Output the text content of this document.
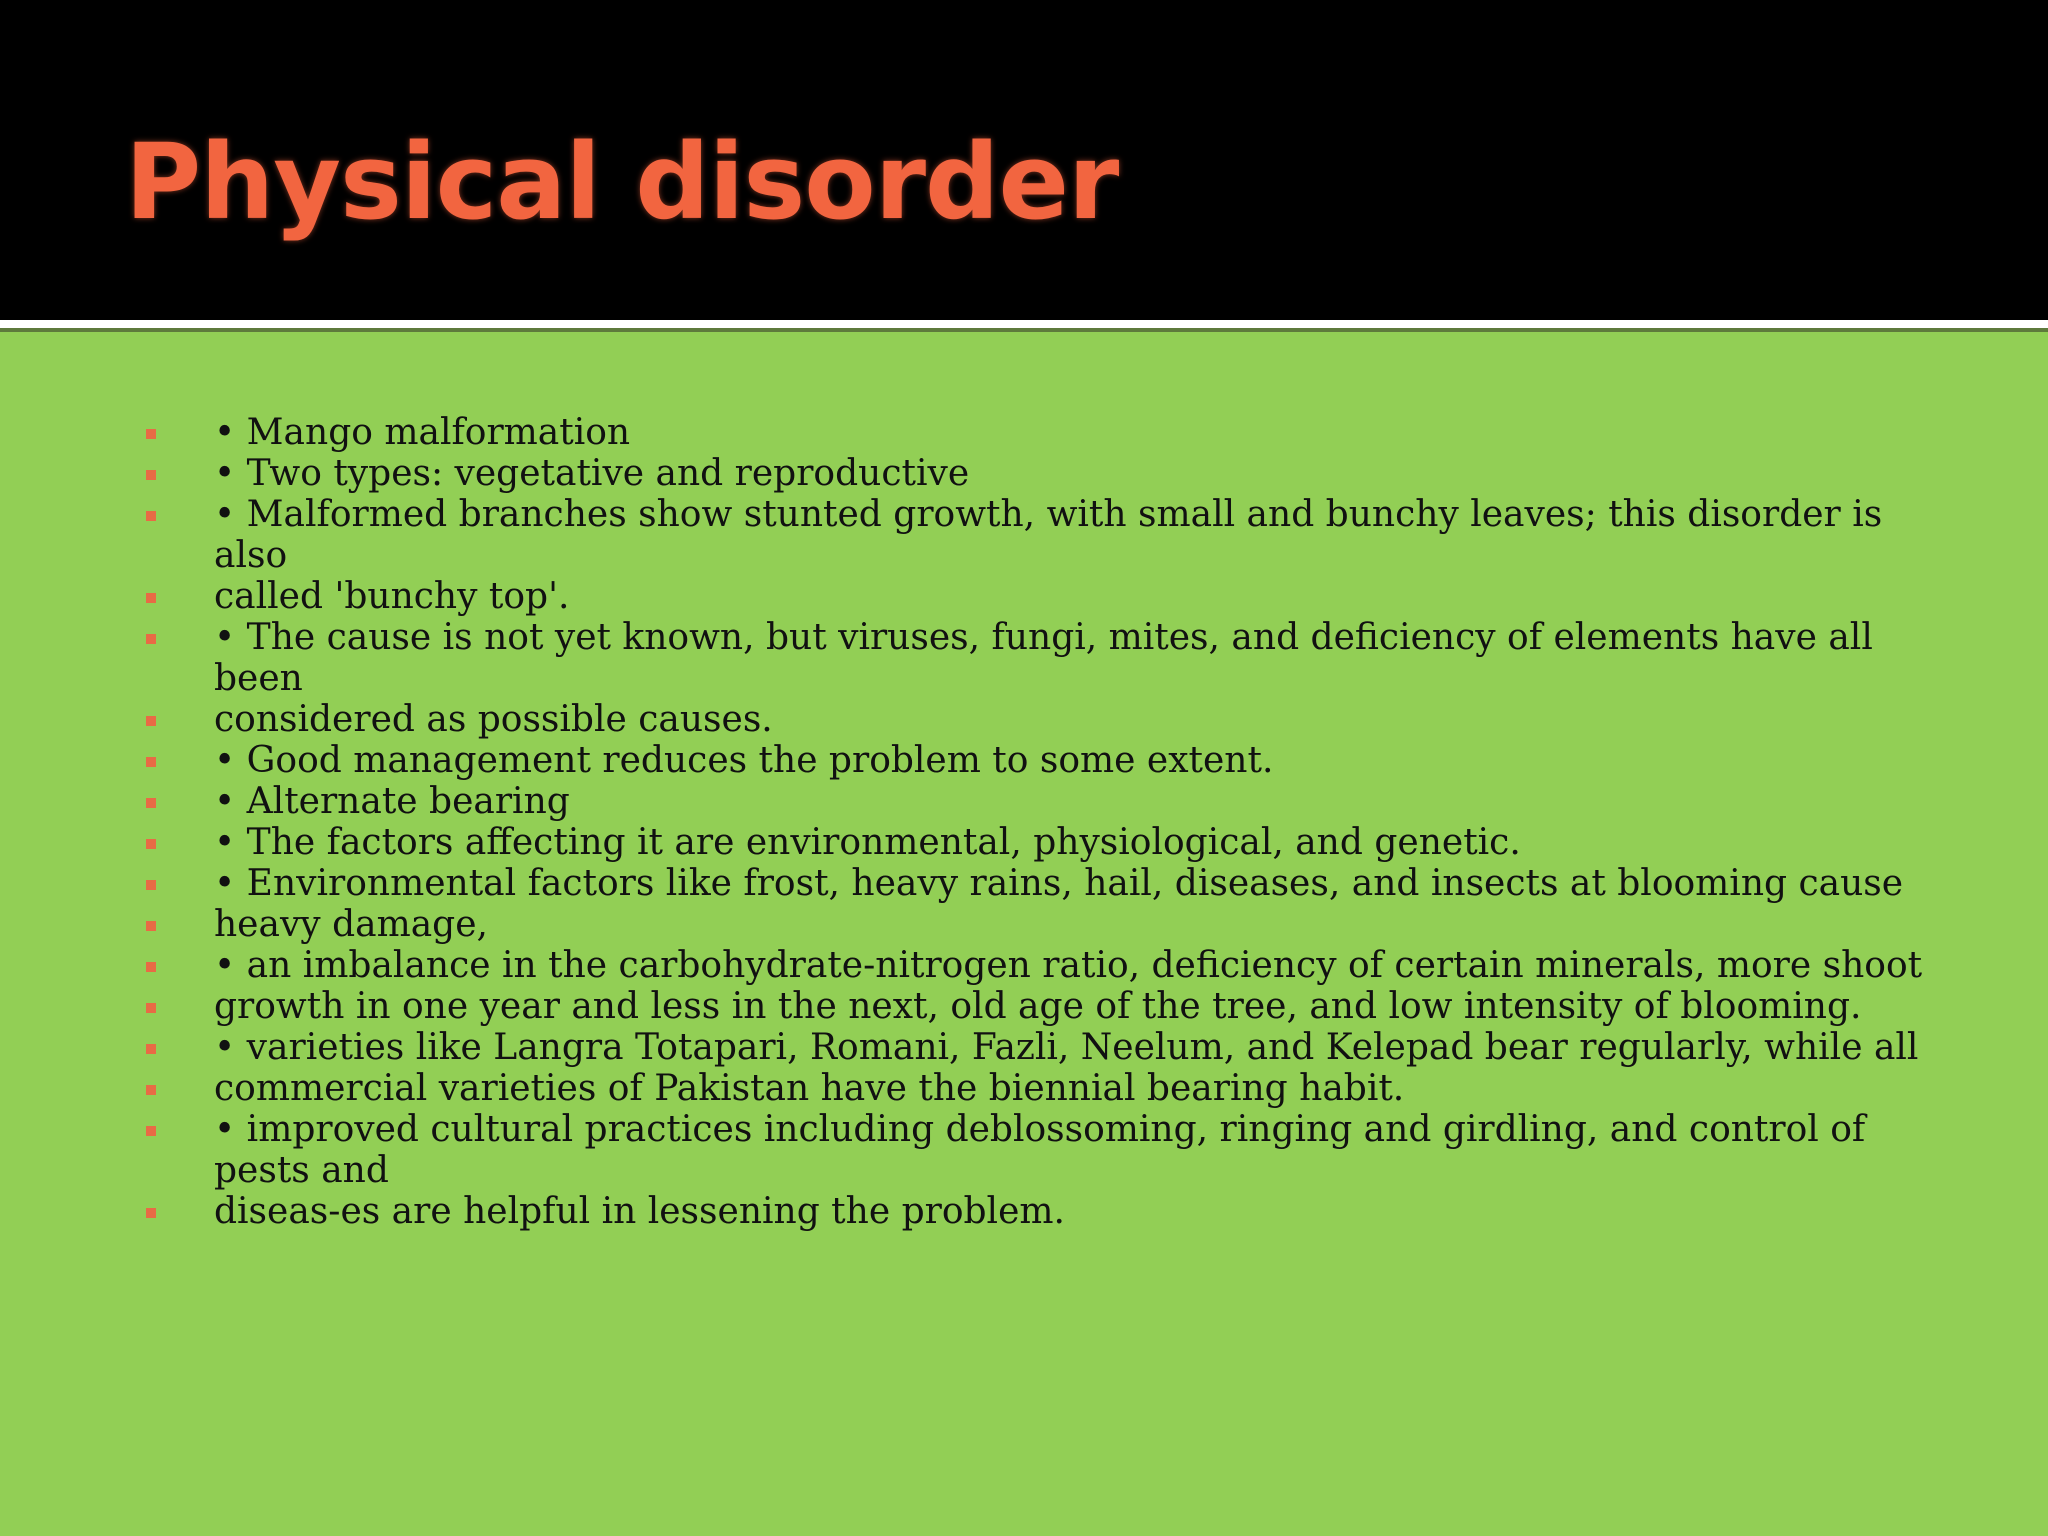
Physical disorder
• Mango malformation
• Two types: vegetative and reproductive
• Malformed branches show stunted growth, with small and bunchy leaves; this disorder is
also
called 'bunchy top'.
• The cause is not yet known, but viruses, fungi, mites, and deficiency of elements have all
been
considered as possible causes.
• Good management reduces the problem to some extent.
• Alternate bearing
• The factors affecting it are environmental, physiological, and genetic.
• Environmental factors like frost, heavy rains, hail, diseases, and insects at blooming cause
heavy damage,
• an imbalance in the carbohydrate-nitrogen ratio, deficiency of certain minerals, more shoot
growth in one year and less in the next, old age of the tree, and low intensity of blooming.
• varieties like Langra Totapari, Romani, Fazli, Neelum, and Kelepad bear regularly, while all
commercial varieties of Pakistan have the biennial bearing habit.
• improved cultural practices including deblossoming, ringing and girdling, and control of
pests and
diseas-es are helpful in lessening the problem.
